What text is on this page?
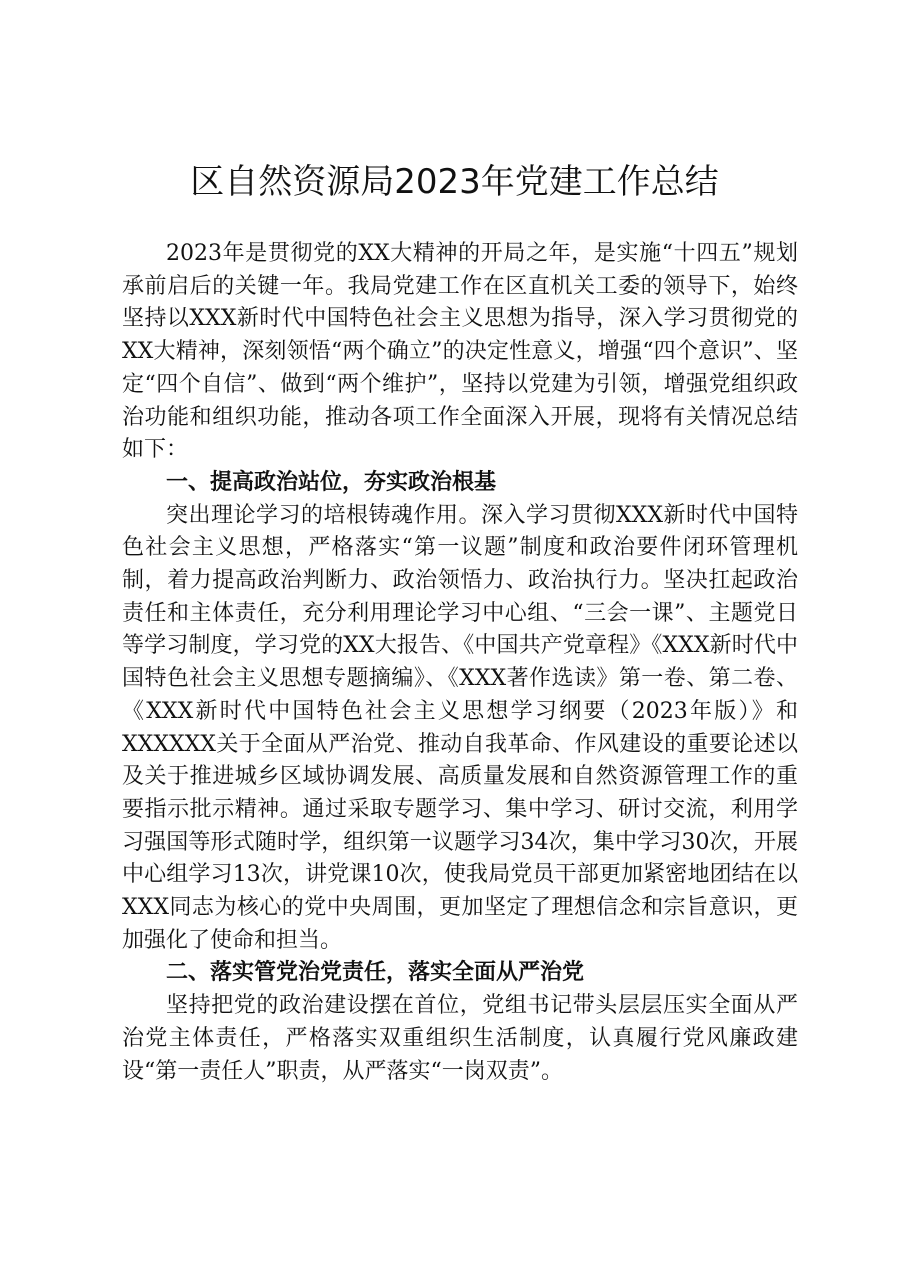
区自然资源局2023年党建工作总结

2023年是贯彻党的XX大精神的开局之年，是实施“十四五”规划承前启后的关键一年。我局党建工作在区直机关工委的领导下，始终坚持以XXX新时代中国特色社会主义思想为指导，深入学习贯彻党的XX大精神，深刻领悟“两个确立”的决定性意义，增强“四个意识”、坚定“四个自信”、做到“两个维护”，坚持以党建为引领，增强党组织政治功能和组织功能，推动各项工作全面深入开展，现将有关情况总结如下：

一、提高政治站位，夯实政治根基

突出理论学习的培根铸魂作用。深入学习贯彻XXX新时代中国特色社会主义思想，严格落实“第一议题”制度和政治要件闭环管理机制，着力提高政治判断力、政治领悟力、政治执行力。坚决扛起政治责任和主体责任，充分利用理论学习中心组、“三会一课”、主题党日等学习制度，学习党的XX大报告、《中国共产党章程》《XXX新时代中国特色社会主义思想专题摘编》、《XXX著作选读》第一卷、第二卷、《XXX新时代中国特色社会主义思想学习纲要（2023年版）》和XXXXXX关于全面从严治党、推动自我革命、作风建设的重要论述以及关于推进城乡区域协调发展、高质量发展和自然资源管理工作的重要指示批示精神。通过采取专题学习、集中学习、研讨交流，利用学习强国等形式随时学，组织第一议题学习34次，集中学习30次，开展中心组学习13次，讲党课10次，使我局党员干部更加紧密地团结在以XXX同志为核心的党中央周围，更加坚定了理想信念和宗旨意识，更加强化了使命和担当。

二、落实管党治党责任，落实全面从严治党

坚持把党的政治建设摆在首位，党组书记带头层层压实全面从严治党主体责任，严格落实双重组织生活制度，认真履行党风廉政建设“第一责任人”职责，从严落实“一岗双责”。
